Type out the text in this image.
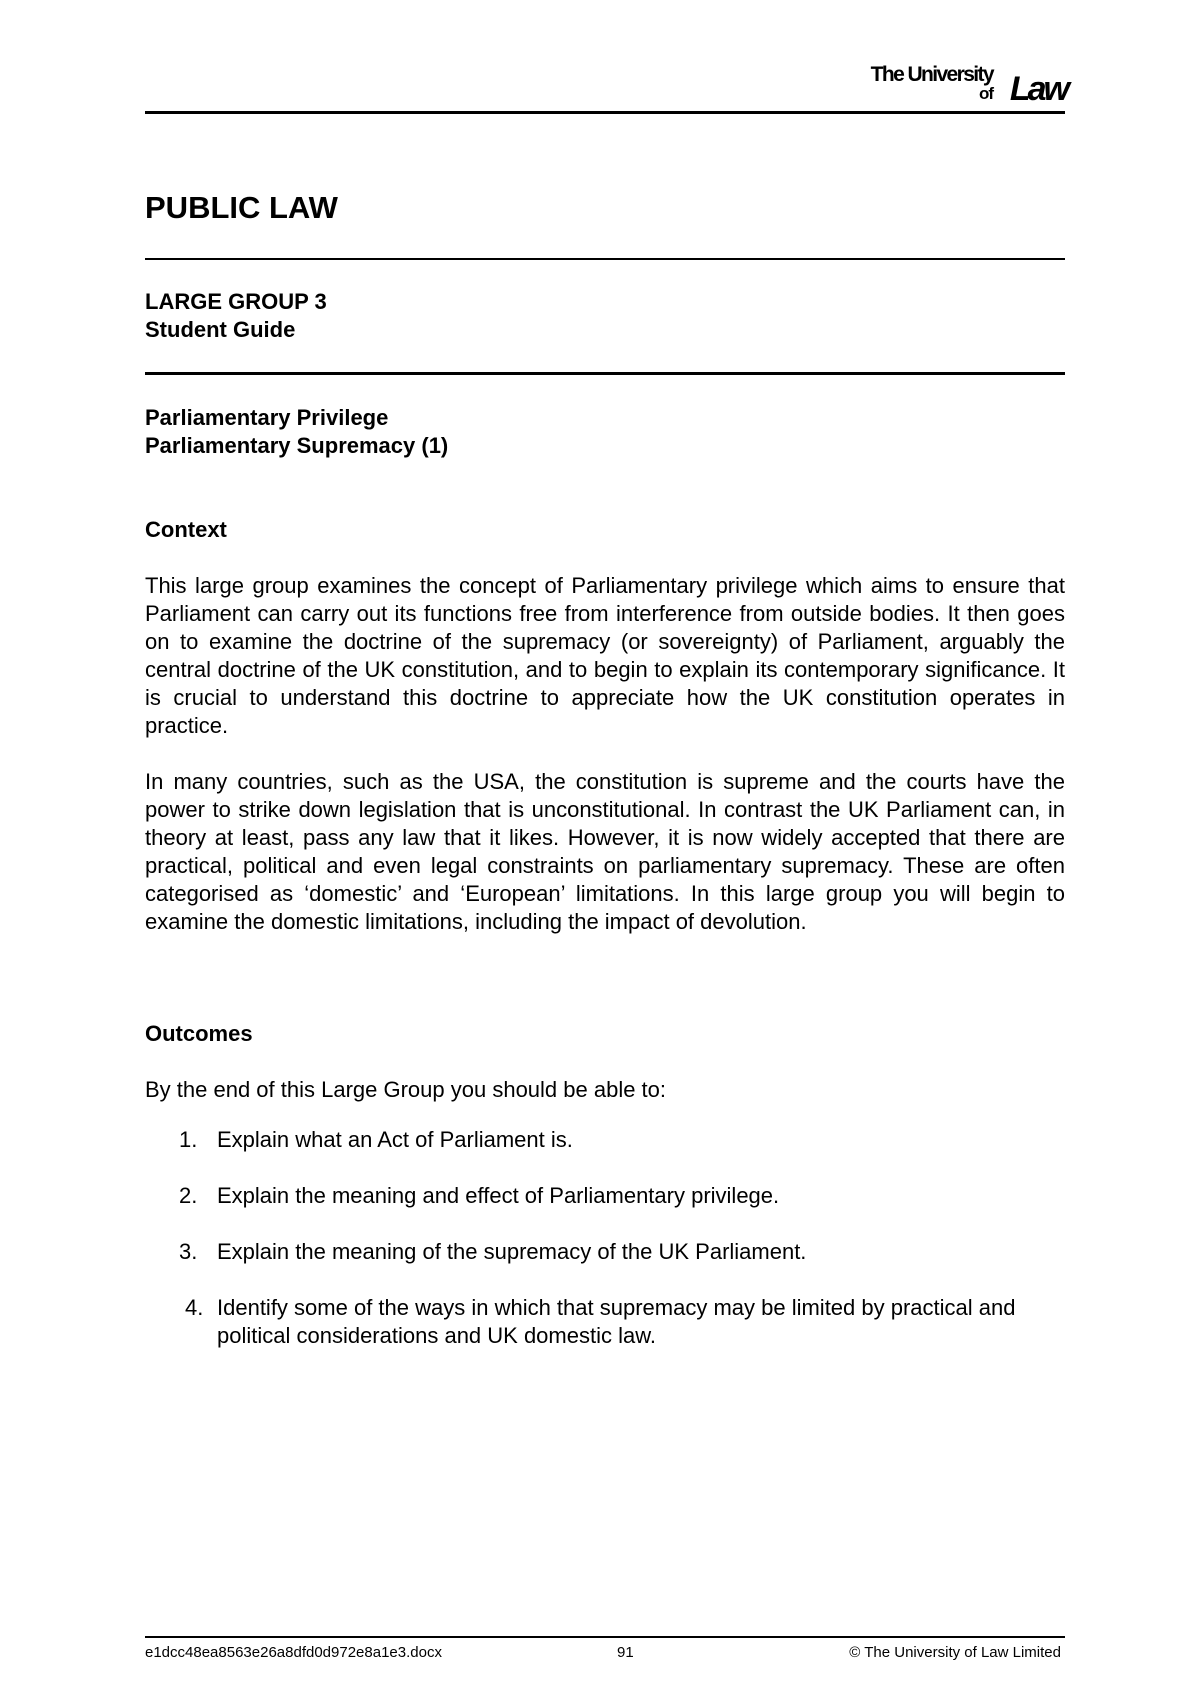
The University
of Law
PUBLIC LAW
LARGE GROUP 3
Student Guide
Parliamentary Privilege
Parliamentary Supremacy (1)
Context
This large group examines the concept of Parliamentary privilege which aims to ensure that Parliament can carry out its functions free from interference from outside bodies. It then goes on to examine the doctrine of the supremacy (or sovereignty) of Parliament, arguably the central doctrine of the UK constitution, and to begin to explain its contemporary significance. It is crucial to understand this doctrine to appreciate how the UK constitution operates in practice.
In many countries, such as the USA, the constitution is supreme and the courts have the power to strike down legislation that is unconstitutional. In contrast the UK Parliament can, in theory at least, pass any law that it likes. However, it is now widely accepted that there are practical, political and even legal constraints on parliamentary supremacy. These are often categorised as ‘domestic’ and ‘European’ limitations. In this large group you will begin to examine the domestic limitations, including the impact of devolution.
Outcomes
By the end of this Large Group you should be able to:
1. Explain what an Act of Parliament is.
2. Explain the meaning and effect of Parliamentary privilege.
3. Explain the meaning of the supremacy of the UK Parliament.
4. Identify some of the ways in which that supremacy may be limited by practical and political considerations and UK domestic law.
e1dcc48ea8563e26a8dfd0d972e8a1e3.docx	91	© The University of Law Limited
